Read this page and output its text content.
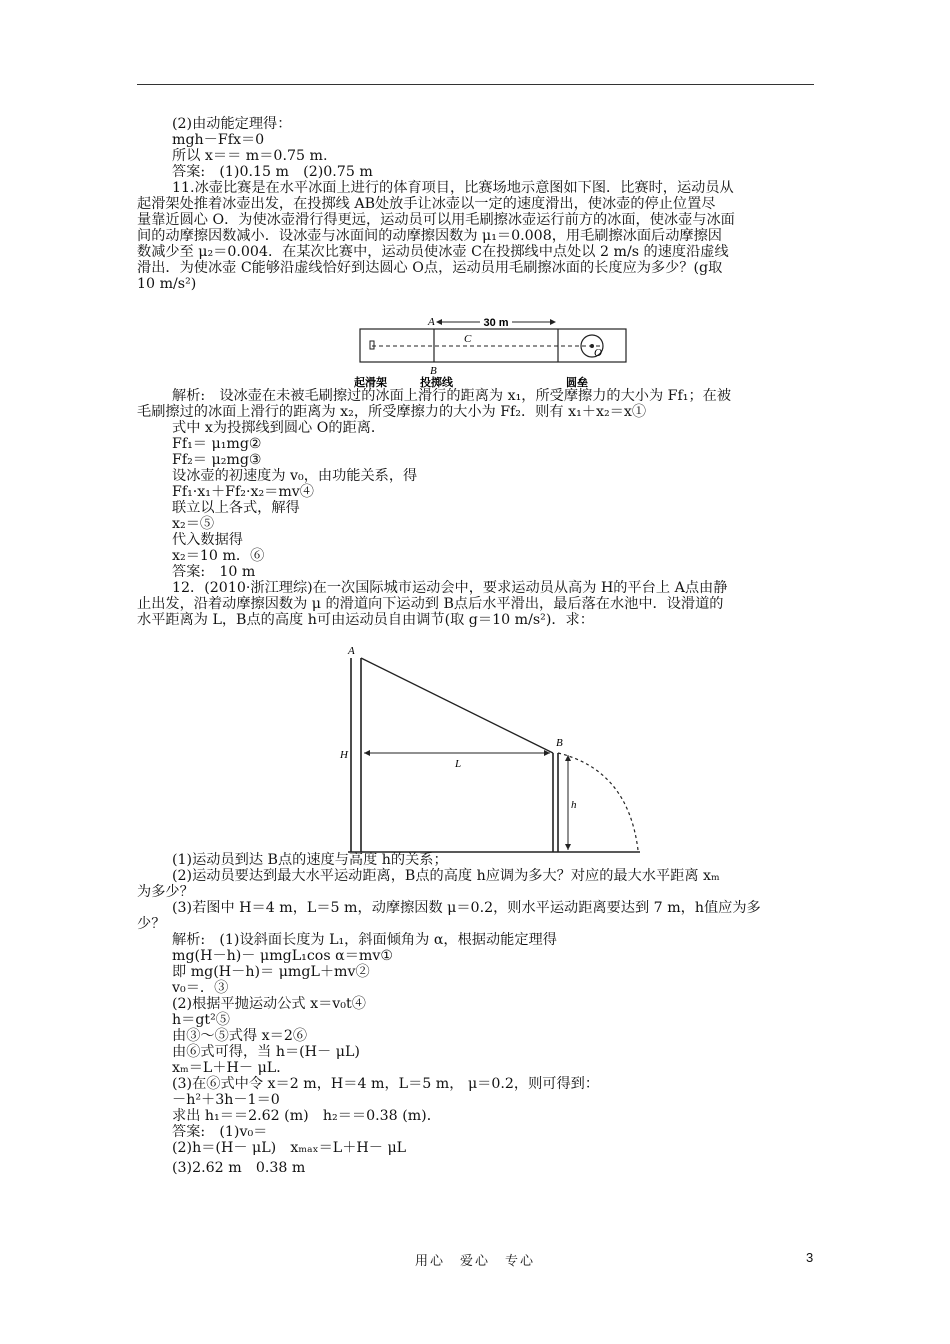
(2)由动能定理得：
mgh－Ffx＝0
所以 x＝＝ m＝0.75 m.
答案:　(1)0.15 m　(2)0.75 m
11.冰壶比赛是在水平冰面上进行的体育项目，比赛场地示意图如下图．比赛时，运动员从
起滑架处推着冰壶出发，在投掷线 AB处放手让冰壶以一定的速度滑出，使冰壶的停止位置尽
量靠近圆心 O．为使冰壶滑行得更远，运动员可以用毛刷擦冰壶运行前方的冰面，使冰壶与冰面
间的动摩擦因数减小．设冰壶与冰面间的动摩擦因数为 μ₁＝0.008，用毛刷擦冰面后动摩擦因
数减少至 μ₂＝0.004．在某次比赛中，运动员使冰壶 C在投掷线中点处以 2 m/s 的速度沿虚线
滑出．为使冰壶 C能够沿虚线恰好到达圆心 O点，运动员用毛刷擦冰面的长度应为多少？(g取
10 m/s²)
解析:　设冰壶在未被毛刷擦过的冰面上滑行的距离为 x₁，所受摩擦力的大小为 Ff₁；在被
毛刷擦过的冰面上滑行的距离为 x₂，所受摩擦力的大小为 Ff₂．则有 x₁＋x₂＝x①
式中 x为投掷线到圆心 O的距离．
Ff₁＝ μ₁mg②
Ff₂＝ μ₂mg③
设冰壶的初速度为 v₀，由功能关系，得
Ff₁·x₁＋Ff₂·x₂＝mv④
联立以上各式，解得
x₂＝⑤
代入数据得
x₂＝10 m．⑥
答案:　10 m
12．(2010·浙江理综)在一次国际城市运动会中，要求运动员从高为 H的平台上 A点由静
止出发，沿着动摩擦因数为 μ 的滑道向下运动到 B点后水平滑出，最后落在水池中．设滑道的
水平距离为 L，B点的高度 h可由运动员自由调节(取 g＝10 m/s²)．求：
(1)运动员到达 B点的速度与高度 h的关系；
(2)运动员要达到最大水平运动距离，B点的高度 h应调为多大？对应的最大水平距离 xₘ
为多少？
(3)若图中 H＝4 m，L＝5 m，动摩擦因数 μ＝0.2，则水平运动距离要达到 7 m，h值应为多
少？
解析:　(1)设斜面长度为 L₁，斜面倾角为 α，根据动能定理得
mg(H－h)－ μmgL₁cos α＝mv①
即 mg(H－h)＝ μmgL＋mv②
v₀＝．③
(2)根据平抛运动公式 x＝v₀t④
h＝gt²⑤
由③～⑤式得 x＝2⑥
由⑥式可得，当 h＝(H－ μL)
xₘ＝L＋H－ μL．
(3)在⑥式中令 x＝2 m，H＝4 m，L＝5 m， μ＝0.2，则可得到：
－h²＋3h－1＝0
求出 h₁＝＝2.62 (m)　h₂＝＝0.38 (m)．
答案:　(1)v₀＝
(2)h＝(H－ μL)　xₘₐₓ＝L＋H－ μL
(3)2.62 m　0.38 m
30 m
A
B
C
O
起滑架	投掷线	圆垒
A
B
H
L
h
用心　爱心　专心	3
